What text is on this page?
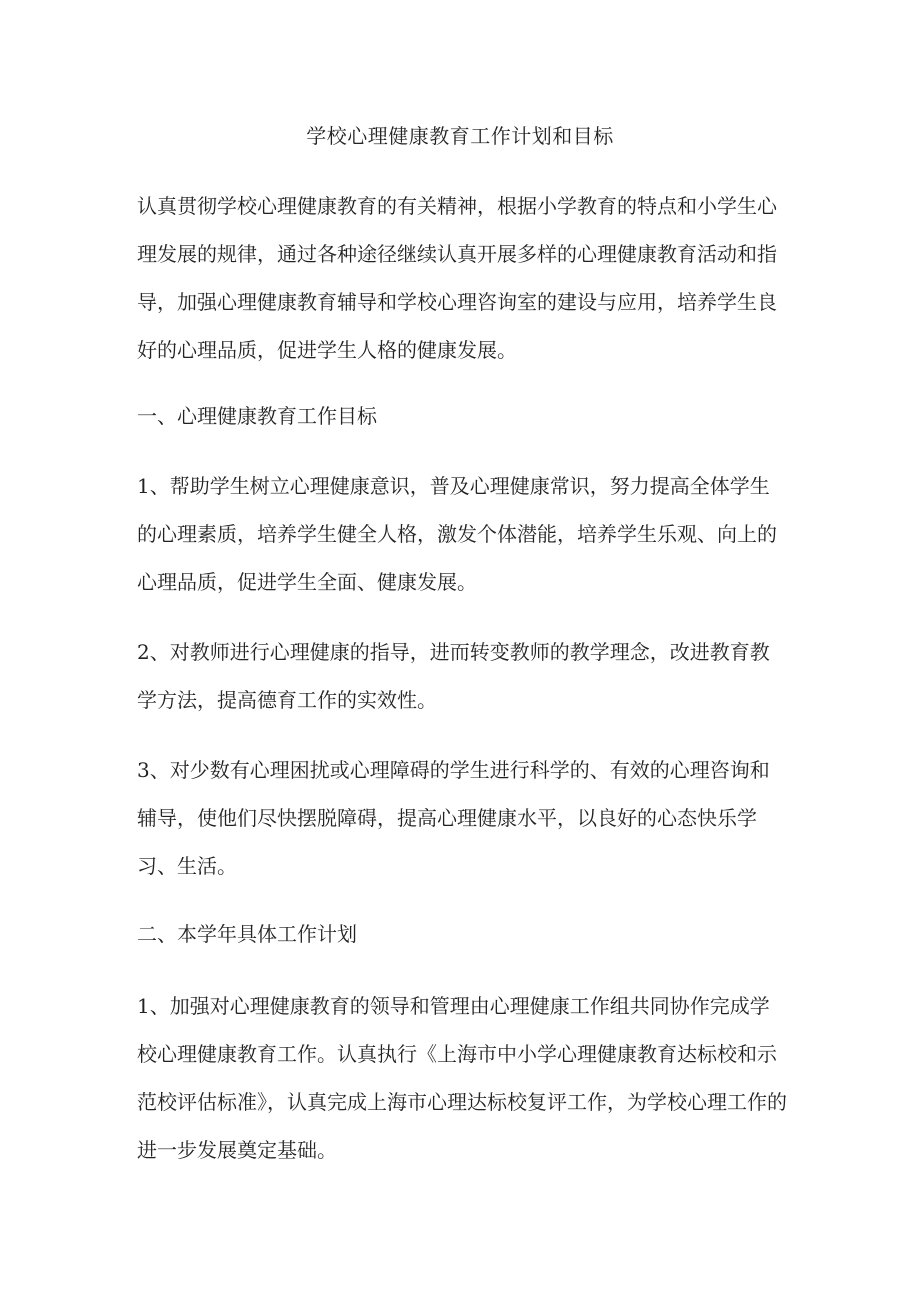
学校心理健康教育工作计划和目标

认真贯彻学校心理健康教育的有关精神，根据小学教育的特点和小学生心理发展的规律，通过各种途径继续认真开展多样的心理健康教育活动和指导，加强心理健康教育辅导和学校心理咨询室的建设与应用，培养学生良好的心理品质，促进学生人格的健康发展。

一、心理健康教育工作目标

1、帮助学生树立心理健康意识，普及心理健康常识，努力提高全体学生的心理素质，培养学生健全人格，激发个体潜能，培养学生乐观、向上的心理品质，促进学生全面、健康发展。

2、对教师进行心理健康的指导，进而转变教师的教学理念，改进教育教学方法，提高德育工作的实效性。

3、对少数有心理困扰或心理障碍的学生进行科学的、有效的心理咨询和辅导，使他们尽快摆脱障碍，提高心理健康水平，以良好的心态快乐学习、生活。

二、本学年具体工作计划

1、加强对心理健康教育的领导和管理由心理健康工作组共同协作完成学校心理健康教育工作。认真执行《上海市中小学心理健康教育达标校和示范校评估标准》，认真完成上海市心理达标校复评工作，为学校心理工作的进一步发展奠定基础。
